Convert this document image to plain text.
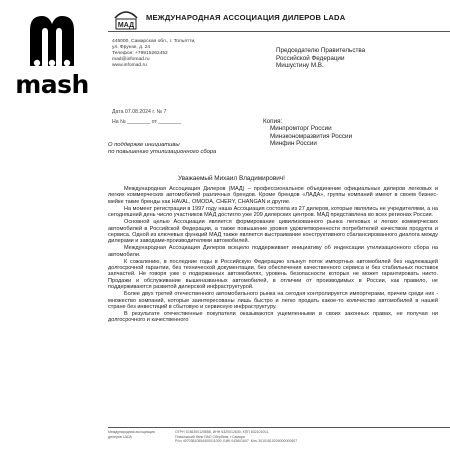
mash
МАД
МЕЖДУНАРОДНАЯ АССОЦИАЦИЯ ДИЛЕРОВ LADA
445000, Самарская обл., г. Тольятти,
ул. Фрунзе, д. 24
Телефон: +79915262452
mad@infomad.ru
www.infomad.ru
Председателю Правительства
Российской Федерации
Мишустину М.В.
Дата 07.08.2024 г. № 7
На № ________ от ________	Копия:
Минпромторг России
Минэкономразвития России
Минфин России
О поддержке инициативы
по повышению утилизационного сбора
Уважаемый Михаил Владимирович!

Международная Ассоциация Дилеров (МАД) – профессиональное объединение официальных дилеров легковых и легких коммерческих автомобилей различных брендов. Кроме брендов «ЛАДА», группы компаний имеют в своем бизнес-мейке такие бренды как HAVAL, OMODA, CHERY, CHANGAN и другие.

На момент регистрации в 1997 году наша Ассоциация состояла из 27 дилеров, которые являлись ее учредителями, а на сегодняшний день число участников МАД достигло уже 209 дилерских центров. МАД представлена во всех регионах России.

Основной целью Ассоциации является формирование цивилизованного рынка легковых и легких коммерческих автомобилей в Российской Федерации, а также повышение уровня удовлетворенности потребителей качеством продукта и сервиса. Одной из ключевых функций МАД также является выстраивание конструктивного сбалансированного диалога между дилерами и заводами-производителями автомобилей.

Международная Ассоциация Дилеров всецело поддерживает инициативу об индексации утилизационного сбора на автомобили.

К сожалению, в последние годы в Российскую Федерацию хлынул поток импортных автомобилей без надлежащей долгосрочной гарантии, без технической документации, без обеспечения качественного сервиса и без стабильных поставок запчастей. Не говоря уже о подержанных автомобилях, уровень безопасности которых не может гарантировать никто. Продажи и обслуживание вышеназванных автомобилей, в отличии от производимых в России, как правило, не поддерживаются развитой дилерской инфраструктурой.

Более двух третей отечественного автомобильного рынка на сегодня контролируется импортерами, причем среди них - множество компаний, которые заинтересованы лишь быстро и легко продать какое-то количество автомобилей в нашей стране без инвестиций в сбытовую и сервисную инфраструктуру.

В результате отечественные покупатели оказываются ущемленными в своих законных правах, не получая ни долгосрочного и качественного

Международная ассоциация
дилеров LADA
ОГРН 1036300125858, ИНН 6320012630, КПП 632101001,
Поволжский банк ПАО Сбербанк, г.Самара
Р/сч 40703810554400011000, БИК 043601607, К/сч 30101810200000000607
